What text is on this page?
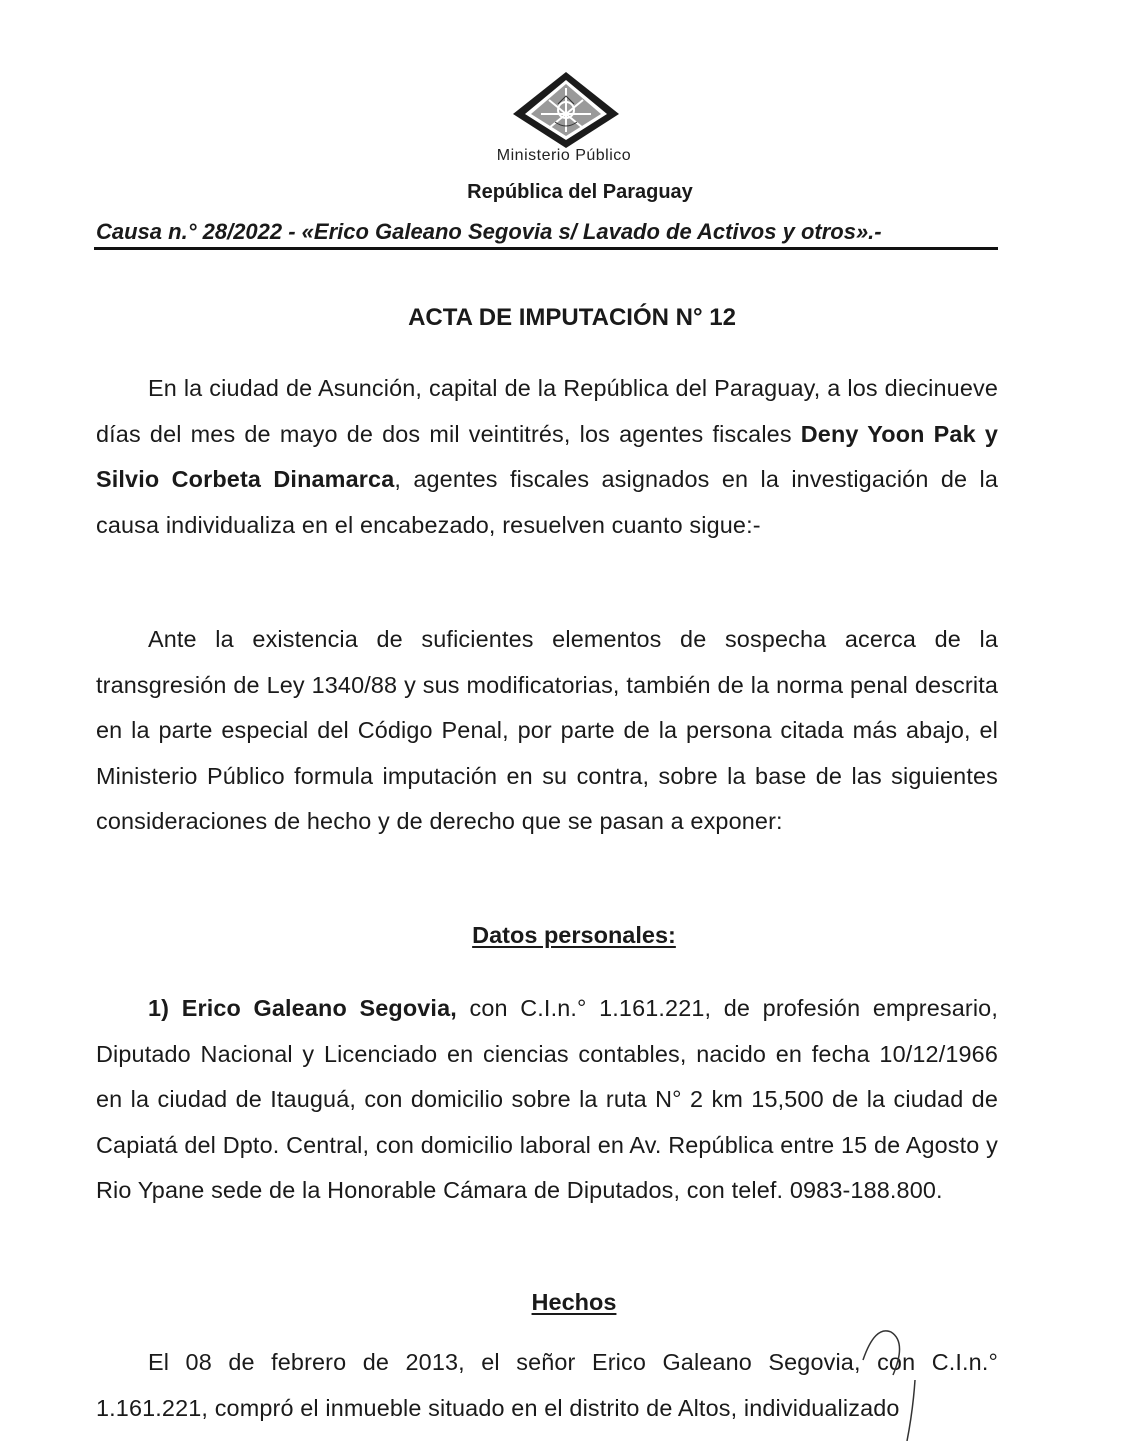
Ministerio Público
República del Paraguay
Causa n.° 28/2022 - «Erico Galeano Segovia s/ Lavado de Activos y otros».-
ACTA DE IMPUTACIÓN N° 12
En la ciudad de Asunción, capital de la República del Paraguay, a los diecinueve días del mes de mayo de dos mil veintitrés, los agentes fiscales Deny Yoon Pak y Silvio Corbeta Dinamarca, agentes fiscales asignados en la investigación de la causa individualiza en el encabezado, resuelven cuanto sigue:-
Ante la existencia de suficientes elementos de sospecha acerca de la transgresión de Ley 1340/88 y sus modificatorias, también de la norma penal descrita en la parte especial del Código Penal, por parte de la persona citada más abajo, el Ministerio Público formula imputación en su contra, sobre la base de las siguientes consideraciones de hecho y de derecho que se pasan a exponer:
Datos personales:
1) Erico Galeano Segovia, con C.I.n.° 1.161.221, de profesión empresario, Diputado Nacional y Licenciado en ciencias contables, nacido en fecha 10/12/1966 en la ciudad de Itauguá, con domicilio sobre la ruta N° 2 km 15,500 de la ciudad de Capiatá del Dpto. Central, con domicilio laboral en Av. República entre 15 de Agosto y Rio Ypane sede de la Honorable Cámara de Diputados, con telef. 0983-188.800.
Hechos
El 08 de febrero de 2013, el señor Erico Galeano Segovia, con C.I.n.° 1.161.221, compró el inmueble situado en el distrito de Altos, individualizado
